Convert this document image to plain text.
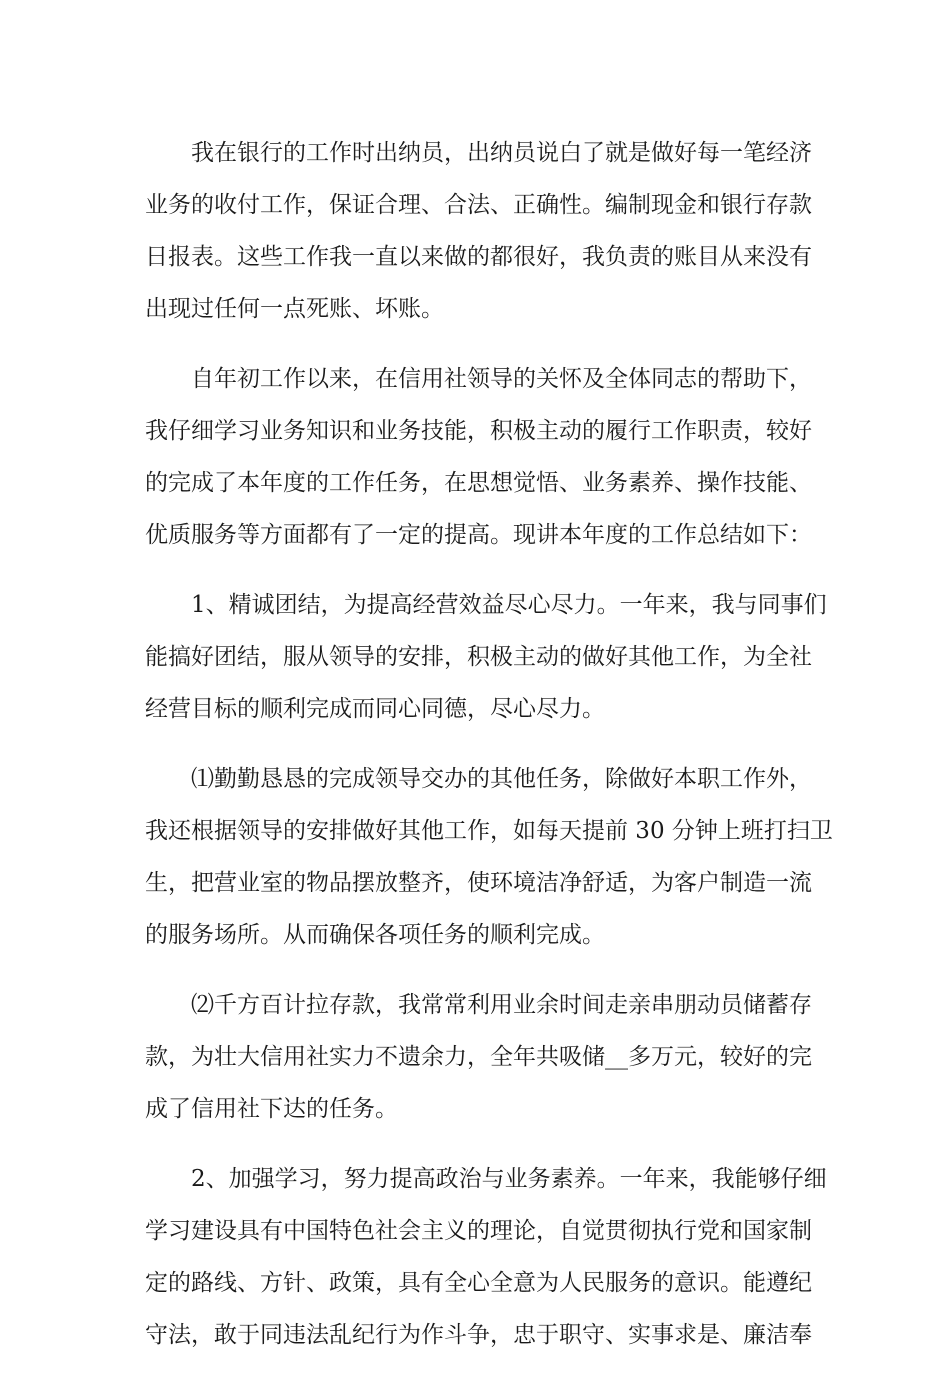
我在银行的工作时出纳员，出纳员说白了就是做好每一笔经济
业务的收付工作，保证合理、合法、正确性。编制现金和银行存款
日报表。这些工作我一直以来做的都很好，我负责的账目从来没有
出现过任何一点死账、坏账。
自年初工作以来，在信用社领导的关怀及全体同志的帮助下，
我仔细学习业务知识和业务技能，积极主动的履行工作职责，较好
的完成了本年度的工作任务，在思想觉悟、业务素养、操作技能、
优质服务等方面都有了一定的提高。现讲本年度的工作总结如下：
1、精诚团结，为提高经营效益尽心尽力。一年来，我与同事们
能搞好团结，服从领导的安排，积极主动的做好其他工作，为全社
经营目标的顺利完成而同心同德，尽心尽力。
⑴勤勤恳恳的完成领导交办的其他任务，除做好本职工作外，
我还根据领导的安排做好其他工作，如每天提前 30 分钟上班打扫卫
生，把营业室的物品摆放整齐，使环境洁净舒适，为客户制造一流
的服务场所。从而确保各项任务的顺利完成。
⑵千方百计拉存款，我常常利用业余时间走亲串朋动员储蓄存
款，为壮大信用社实力不遗余力，全年共吸储__多万元，较好的完
成了信用社下达的任务。
2、加强学习，努力提高政治与业务素养。一年来，我能够仔细
学习建设具有中国特色社会主义的理论，自觉贯彻执行党和国家制
定的路线、方针、政策，具有全心全意为人民服务的意识。能遵纪
守法，敢于同违法乱纪行为作斗争，忠于职守、实事求是、廉洁奉
